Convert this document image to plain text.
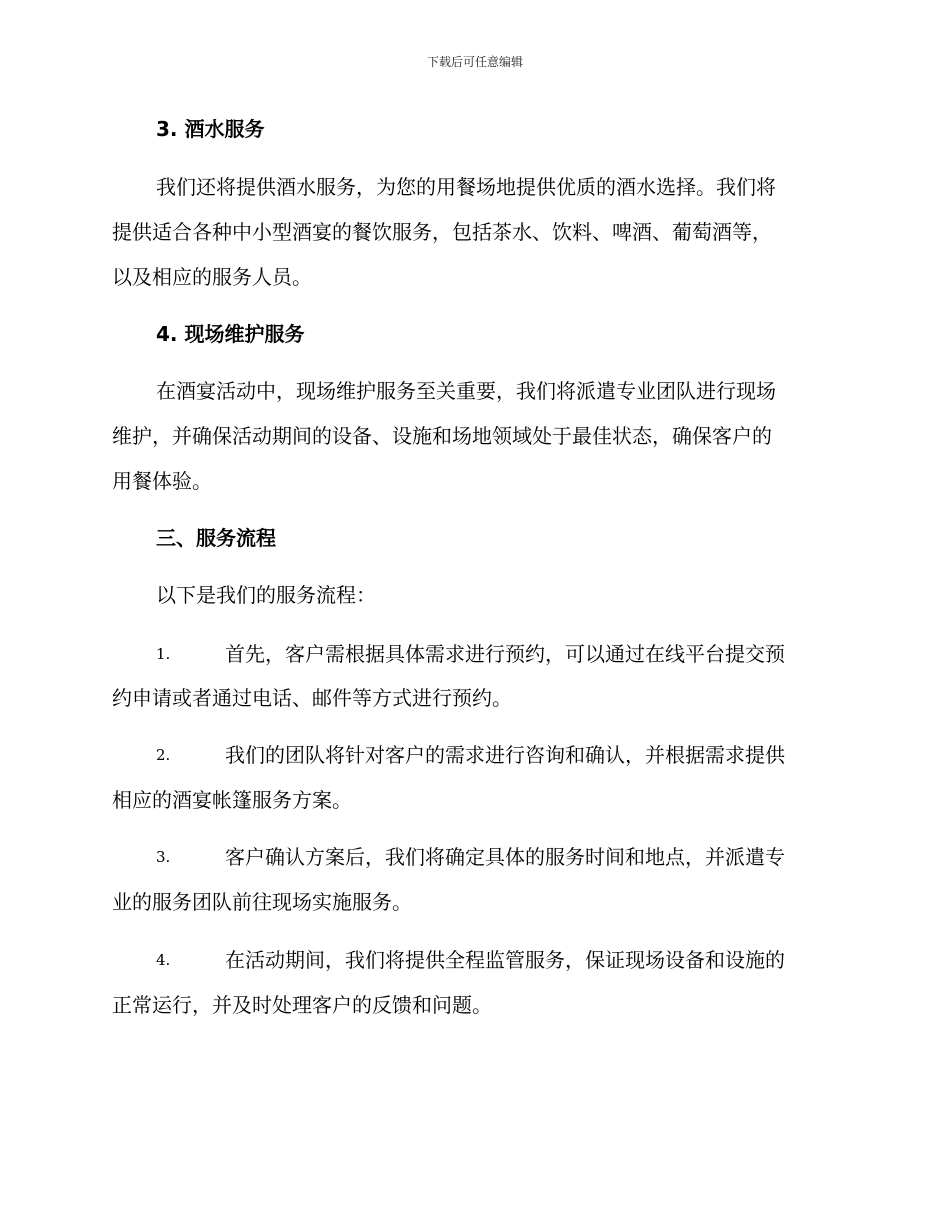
下载后可任意编辑
3. 酒水服务
我们还将提供酒水服务，为您的用餐场地提供优质的酒水选择。我们将
提供适合各种中小型酒宴的餐饮服务，包括茶水、饮料、啤酒、葡萄酒等，
以及相应的服务人员。
4. 现场维护服务
在酒宴活动中，现场维护服务至关重要，我们将派遣专业团队进行现场
维护，并确保活动期间的设备、设施和场地领域处于最佳状态，确保客户的
用餐体验。
三、服务流程
以下是我们的服务流程：
1.	首先，客户需根据具体需求进行预约，可以通过在线平台提交预
约申请或者通过电话、邮件等方式进行预约。
2.	我们的团队将针对客户的需求进行咨询和确认，并根据需求提供
相应的酒宴帐篷服务方案。
3.	客户确认方案后，我们将确定具体的服务时间和地点，并派遣专
业的服务团队前往现场实施服务。
4.	在活动期间，我们将提供全程监管服务，保证现场设备和设施的
正常运行，并及时处理客户的反馈和问题。
